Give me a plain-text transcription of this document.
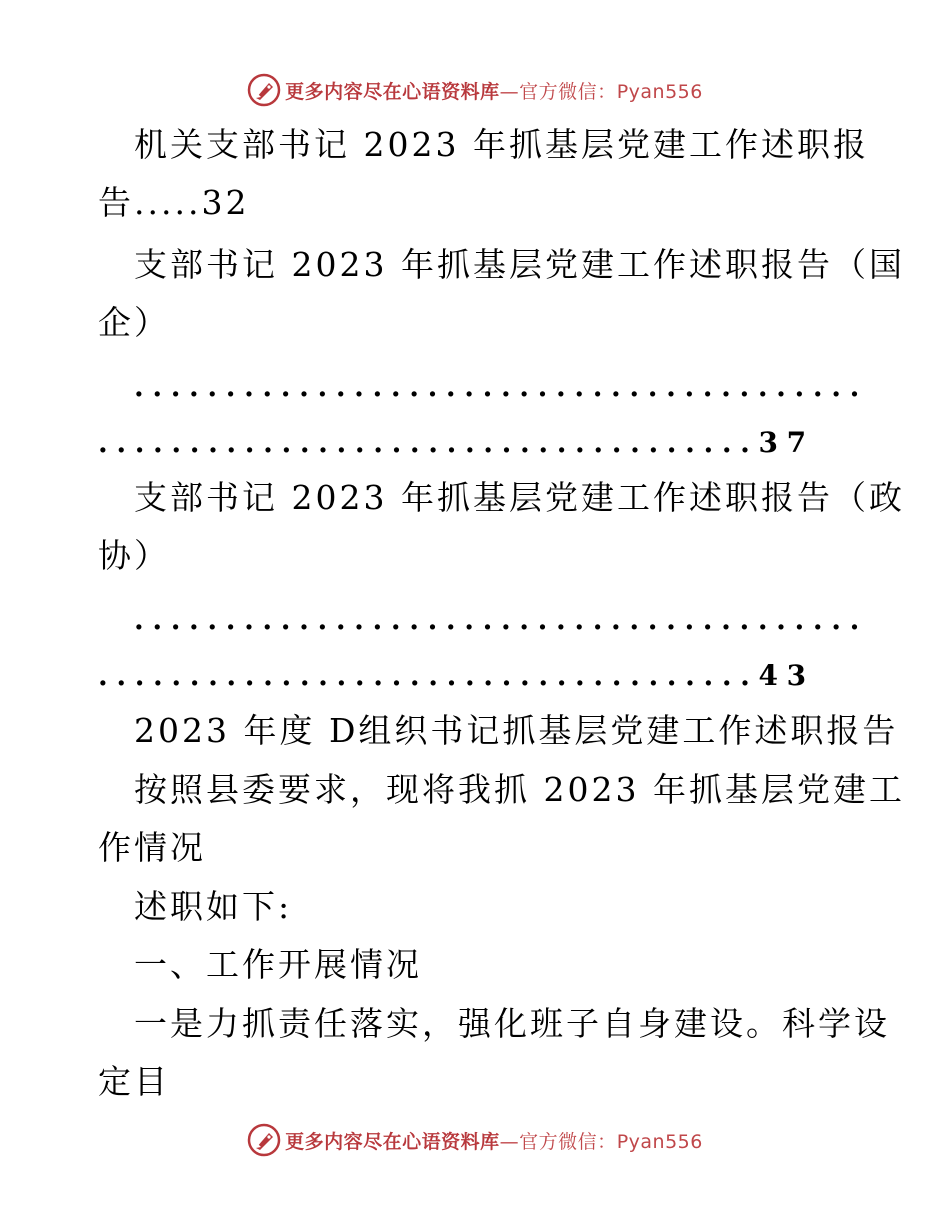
更多内容尽在心语资料库—官方微信：Pyan556
机关支部书记 2023 年抓基层党建工作述职报
告.....32
支部书记 2023 年抓基层党建工作述职报告（国
企）
........................................
....................................37
支部书记 2023 年抓基层党建工作述职报告（政
协）
........................................
....................................43
2023 年度 D组织书记抓基层党建工作述职报告
按照县委要求，现将我抓 2023 年抓基层党建工
作情况
述职如下:
一、工作开展情况
一是力抓责任落实，强化班子自身建设。科学设
定目
更多内容尽在心语资料库—官方微信：Pyan556
